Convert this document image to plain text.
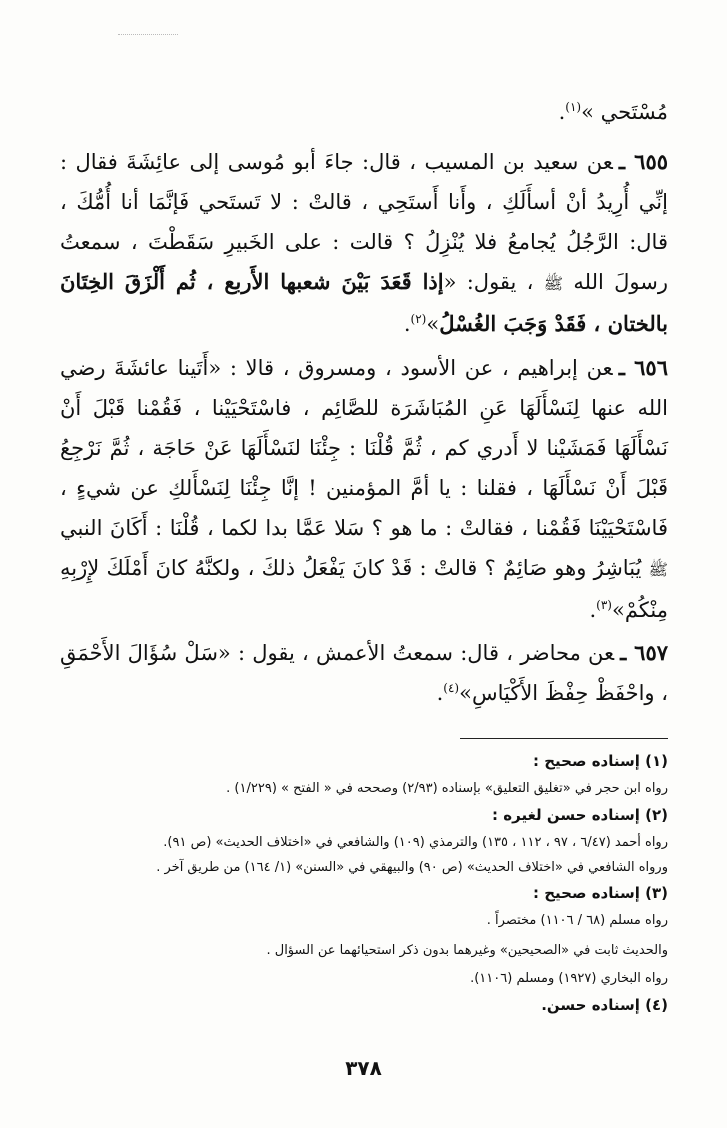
مُسْتَحي »$^{(١)}$.
٦٥٥ ـعن سعيد بن المسيب ، قال: جاءَ أبو مُوسى إلى عائِشَةَ فقال : إنِّي أُرِيدُ أنْ أسأَلَكِ ، وأَنا أَستَحِي ، قالتْ : لا تَستَحي فَإنَّمَا أنا أُمُّكَ ، قال: الرَّجُلُ يُجامعُ فلا يُنْزِلُ ؟ قالت : على الخَبيرِ سَقَطْتَ ، سمعتُ رسولَ الله ﷺ ، يقول: «إذا قَعَدَ بَيْنَ شعبها الأَربع ، ثُم أَلْزَقَ الخِتَانَ بالختان ، فَقَدْ وَجَبَ الغُسْلُ»$^{(٢)}$.
٦٥٦ ـعن إبراهيم ، عن الأسود ، ومسروق ، قالا : «أَتَينا عائشَةَ رضي الله عنها لِنَسْأَلَهَا عَنِ المُبَاشَرَة للصَّائِم ، فاسْتَحْيَيْنا ، فَقُمْنا قَبْلَ أَنْ نَسْأَلَهَا فَمَشَيْنا لا أَدري كم ، ثُمَّ قُلْنَا : جِئْنَا لنَسْأَلَهَا عَنْ حَاجَة ، ثُمَّ نَرْجِعُ قَبْلَ أَنْ نَسْأَلَهَا ، فقلنا : يا أمَّ المؤمنين ! إنَّا جِئْنَا لِنَسْأَلكِ عن شيءٍ ، فَاسْتَحْيَيْنَا فَقُمْنا ، فقالتْ : ما هو ؟ سَلا عَمَّا بدا لكما ، قُلْنَا : أَكَانَ النبي ﷺ يُبَاشِرُ وهو صَائِمٌ ؟ قالتْ : قَدْ كانَ يَفْعَلُ ذلكَ ، ولكنَّهُ كانَ أَمْلَكَ لإِرْبِهِ مِنْكُمْ»$^{(٣)}$.
٦٥٧ ـعن محاضر ، قال: سمعتُ الأعمش ، يقول : «سَلْ سُؤَالَ الأَحْمَقِ ، واحْفَظْ حِفْظَ الأَكْيَاسِ»$^{(٤)}$.
(١) إسناده صحيح :
رواه ابن حجر في «تغليق التعليق» بإسناده (٢/٩٣) وصححه في « الفتح » (١/٢٢٩) .
(٢) إسناده حسن لغيره :
رواه أحمد (٦/٤٧ ، ٩٧ ، ١١٢ ، ١٣٥) والترمذي (١٠٩) والشافعي في «اختلاف الحديث» (ص ٩١).
ورواه الشافعي في «اختلاف الحديث» (ص ٩٠) والبيهقي في «السنن» (١/ ١٦٤) من طريق آخر .
(٣) إسناده صحيح :
رواه مسلم (٦٨ / ١١٠٦) مختصراً .
والحديث ثابت في «الصحيحين» وغيرهما بدون ذكر استحيائهما عن السؤال .
رواه البخاري (١٩٢٧) ومسلم (١١٠٦).
(٤) إسناده حسن.
٣٧٨
